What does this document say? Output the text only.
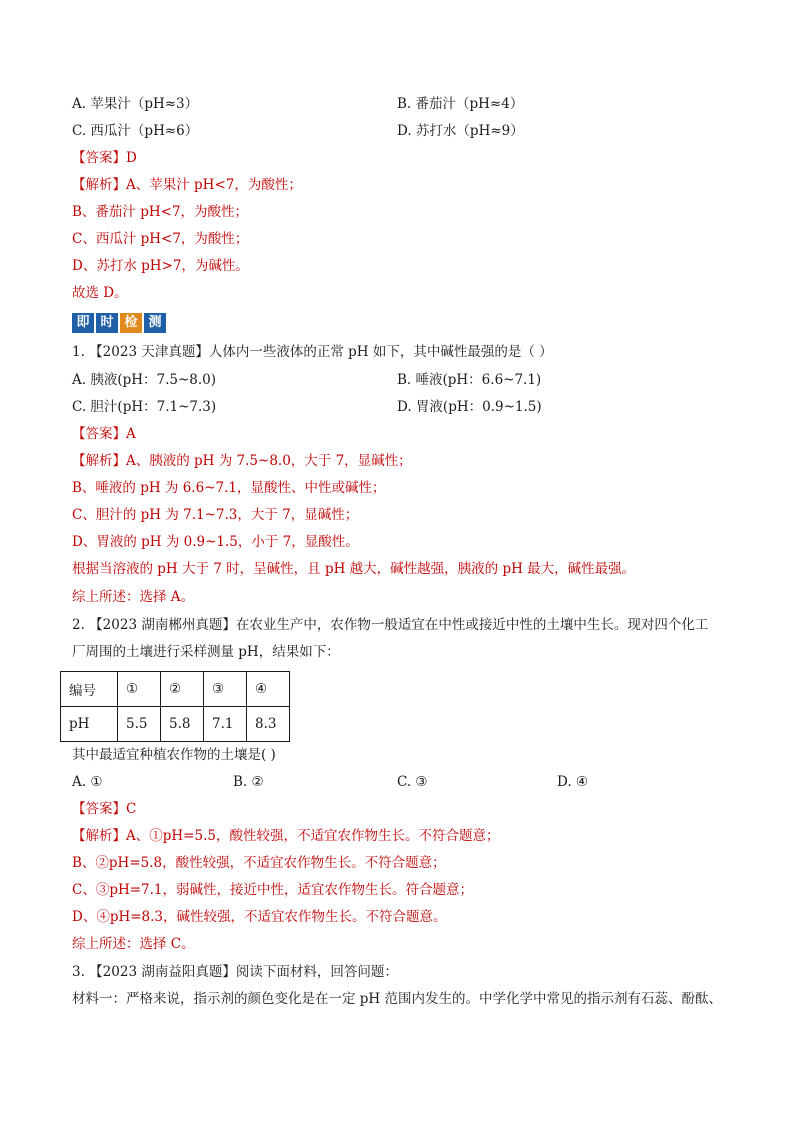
A. 苹果汁（pH≈3）	B. 番茄汁（pH≈4）
C. 西瓜汁（pH≈6）	D. 苏打水（pH≈9）
【答案】D
【解析】A、苹果汁 pH<7，为酸性；
B、番茄汁 pH<7，为酸性；
C、西瓜汁 pH<7，为酸性；
D、苏打水 pH>7，为碱性。
故选 D。
即 时 检 测
1. 【2023 天津真题】人体内一些液体的正常 pH 如下，其中碱性最强的是（ ）
A. 胰液(pH：7.5~8.0)	B. 唾液(pH：6.6~7.1)
C. 胆汁(pH：7.1~7.3)	D. 胃液(pH：0.9~1.5)
【答案】A
【解析】A、胰液的 pH 为 7.5~8.0，大于 7，显碱性；
B、唾液的 pH 为 6.6~7.1，显酸性、中性或碱性；
C、胆汁的 pH 为 7.1~7.3，大于 7，显碱性；
D、胃液的 pH 为 0.9~1.5，小于 7，显酸性。
根据当溶液的 pH 大于 7 时，呈碱性，且 pH 越大，碱性越强，胰液的 pH 最大，碱性最强。
综上所述：选择 A。
2. 【2023 湖南郴州真题】在农业生产中，农作物一般适宜在中性或接近中性的土壤中生长。现对四个化工
厂周围的土壤进行采样测量 pH，结果如下：
编号	①	②	③	④
pH	5.5	5.8	7.1	8.3
其中最适宜种植农作物的土壤是( )
A. ①	B. ②	C. ③	D. ④
【答案】C
【解析】A、①pH=5.5，酸性较强，不适宜农作物生长。不符合题意；
B、②pH=5.8，酸性较强，不适宜农作物生长。不符合题意；
C、③pH=7.1，弱碱性，接近中性，适宜农作物生长。符合题意；
D、④pH=8.3，碱性较强，不适宜农作物生长。不符合题意。
综上所述：选择 C。
3. 【2023 湖南益阳真题】阅读下面材料，回答问题：
材料一：严格来说，指示剂的颜色变化是在一定 pH 范围内发生的。中学化学中常见的指示剂有石蕊、酚酞、
